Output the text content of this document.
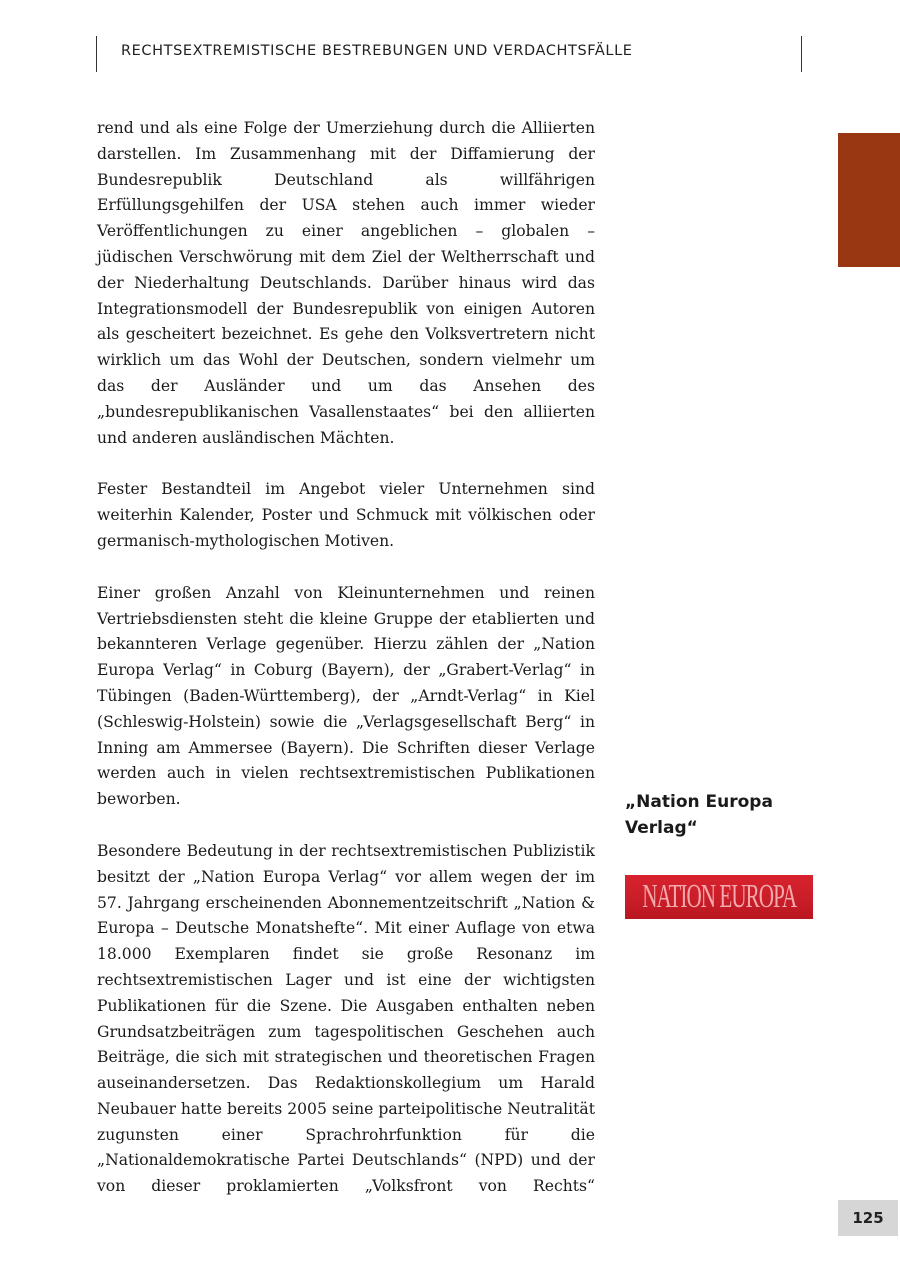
RECHTSEXTREMISTISCHE BESTREBUNGEN UND VERDACHTSFÄLLE

rend und als eine Folge der Umerziehung durch die Alliierten darstellen. Im Zusammenhang mit der Diffamierung der Bundesrepublik Deutschland als willfährigen Erfüllungsgehilfen der USA stehen auch immer wieder Veröffentlichungen zu einer angeblichen – globalen – jüdischen Verschwörung mit dem Ziel der Weltherrschaft und der Niederhaltung Deutschlands. Darüber hinaus wird das Integrationsmodell der Bundesrepublik von einigen Autoren als gescheitert bezeichnet. Es gehe den Volksvertretern nicht wirklich um das Wohl der Deutschen, sondern vielmehr um das der Ausländer und um das Ansehen des „bundesrepublikanischen Vasallenstaates“ bei den alliierten und anderen ausländischen Mächten.

Fester Bestandteil im Angebot vieler Unternehmen sind weiterhin Kalender, Poster und Schmuck mit völkischen oder germanisch-mythologischen Motiven.

Einer großen Anzahl von Kleinunternehmen und reinen Vertriebsdiensten steht die kleine Gruppe der etablierten und bekannteren Verlage gegenüber. Hierzu zählen der „Nation Europa Verlag“ in Coburg (Bayern), der „Grabert-Verlag“ in Tübingen (Baden-Württemberg), der „Arndt-Verlag“ in Kiel (Schleswig-Holstein) sowie die „Verlagsgesellschaft Berg“ in Inning am Ammersee (Bayern). Die Schriften dieser Verlage werden auch in vielen rechtsextremistischen Publikationen beworben.

Besondere Bedeutung in der rechtsextremistischen Publizistik besitzt der „Nation Europa Verlag“ vor allem wegen der im 57. Jahrgang erscheinenden Abonnementzeitschrift „Nation & Europa – Deutsche Monatshefte“. Mit einer Auflage von etwa 18.000 Exemplaren findet sie große Resonanz im rechtsextremistischen Lager und ist eine der wichtigsten Publikationen für die Szene. Die Ausgaben enthalten neben Grundsatzbeiträgen zum tagespolitischen Geschehen auch Beiträge, die sich mit strategischen und theoretischen Fragen auseinandersetzen. Das Redaktionskollegium um Harald Neubauer hatte bereits 2005 seine parteipolitische Neutralität zugunsten einer Sprachrohrfunktion für die „Nationaldemokratische Partei Deutschlands“ (NPD) und der von dieser proklamierten „Volksfront von Rechts“

„Nation Europa Verlag“
NATION EUROPA
125
